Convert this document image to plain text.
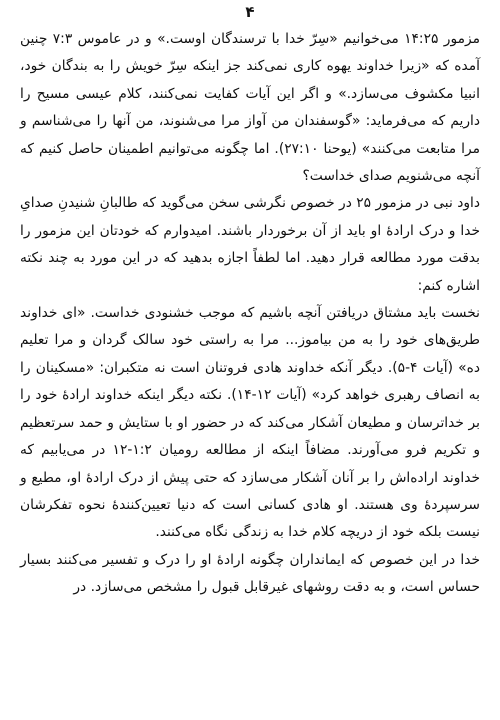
۴

مزمور ۱۴:۲۵ می‌خوانیم «سِرّ خدا با ترسندگان اوست.» و در عاموس ۷:۳ چنین آمده که «زیرا خداوند یهوه کاری نمی‌کند جز اینکه سِرّ خویش را به بندگان خود، انبیا مکشوف می‌سازد.» و اگر این آیات کفایت نمی‌کنند، کلام عیسی مسیح را داریم که می‌فرماید: «گوسفندان من آواز مرا می‌شنوند، من آنها را می‌شناسم و مرا متابعت می‌کنند» (یوحنا ۲۷:۱۰). اما چگونه می‌توانیم اطمینان حاصل کنیم که آنچه می‌شنویم صدای خداست؟

داود نبی در مزمور ۲۵ در خصوص نگرشی سخن می‌گوید که طالبانِ شنیدنِ صدایِ خدا و درک ارادهٔ او باید از آن برخوردار باشند. امیدوارم که خودتان این مزمور را بدقت مورد مطالعه قرار دهید. اما لطفاً اجازه بدهید که در این مورد به چند نکته اشاره کنم:

نخست باید مشتاق دریافتن آنچه باشیم که موجب خشنودی خداست. «ای خداوند طریق‌های خود را به من بیاموز... مرا به راستی خود سالک گردان و مرا تعلیم ده» (آیات ۴-۵). دیگر آنکه خداوند هادی فروتنان است نه متکبران: «مسکینان را به انصاف رهبری خواهد کرد» (آیات ۱۲-۱۴). نکته دیگر اینکه خداوند ارادهٔ خود را بر خداترسان و مطیعان آشکار می‌کند که در حضور او با ستایش و حمد سرتعظیم و تکریم فرو می‌آورند. مضافاً اینکه از مطالعه رومیان ۱:۲-۱۲ در می‌یابیم که خداوند اراده‌اش را بر آنان آشکار می‌سازد که حتی پیش از درک ارادهٔ او، مطیع و سرسپردهٔ وی هستند. او هادی کسانی است که دنیا تعیین‌کنندهٔ نحوه تفکرشان نیست بلکه خود از دریچه کلام خدا به زندگی نگاه می‌کنند.

خدا در این خصوص که ایمانداران چگونه ارادهٔ او را درک و تفسیر می‌کنند بسیار حساس است، و به دقت روشهای غیرقابل قبول را مشخص می‌سازد. در
